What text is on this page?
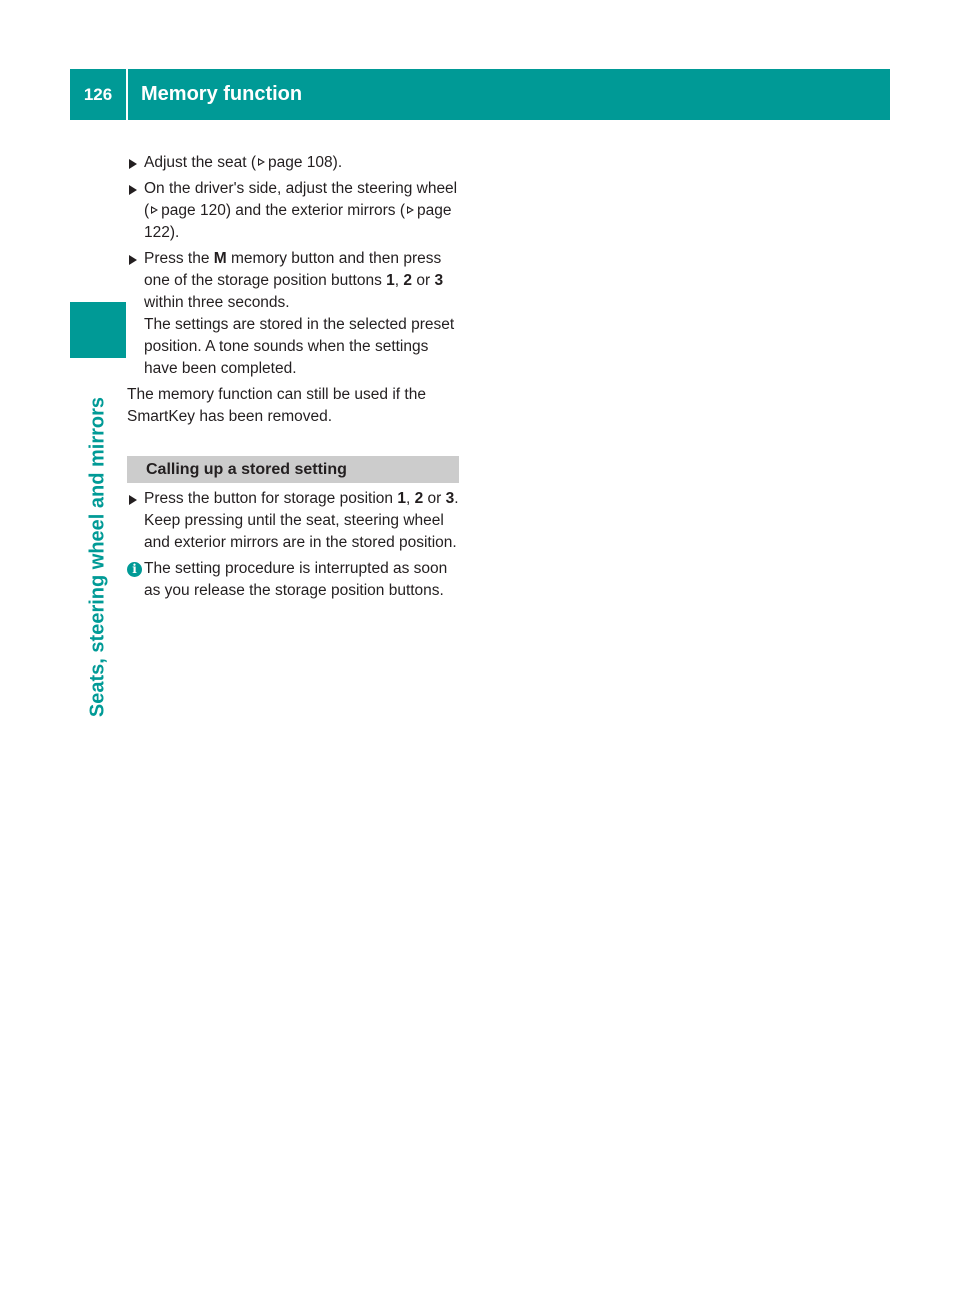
126	Memory function
Seats, steering wheel and mirrors
Adjust the seat ( page 108).
On the driver's side, adjust the steering wheel ( page 120) and the exterior mirrors ( page 122).
Press the M memory button and then press one of the storage position buttons 1, 2 or 3 within three seconds.
The settings are stored in the selected preset position. A tone sounds when the settings have been completed.
The memory function can still be used if the SmartKey has been removed.
Calling up a stored setting
Press the button for storage position 1, 2 or 3. Keep pressing until the seat, steering wheel and exterior mirrors are in the stored position.
i The setting procedure is interrupted as soon as you release the storage position buttons.
